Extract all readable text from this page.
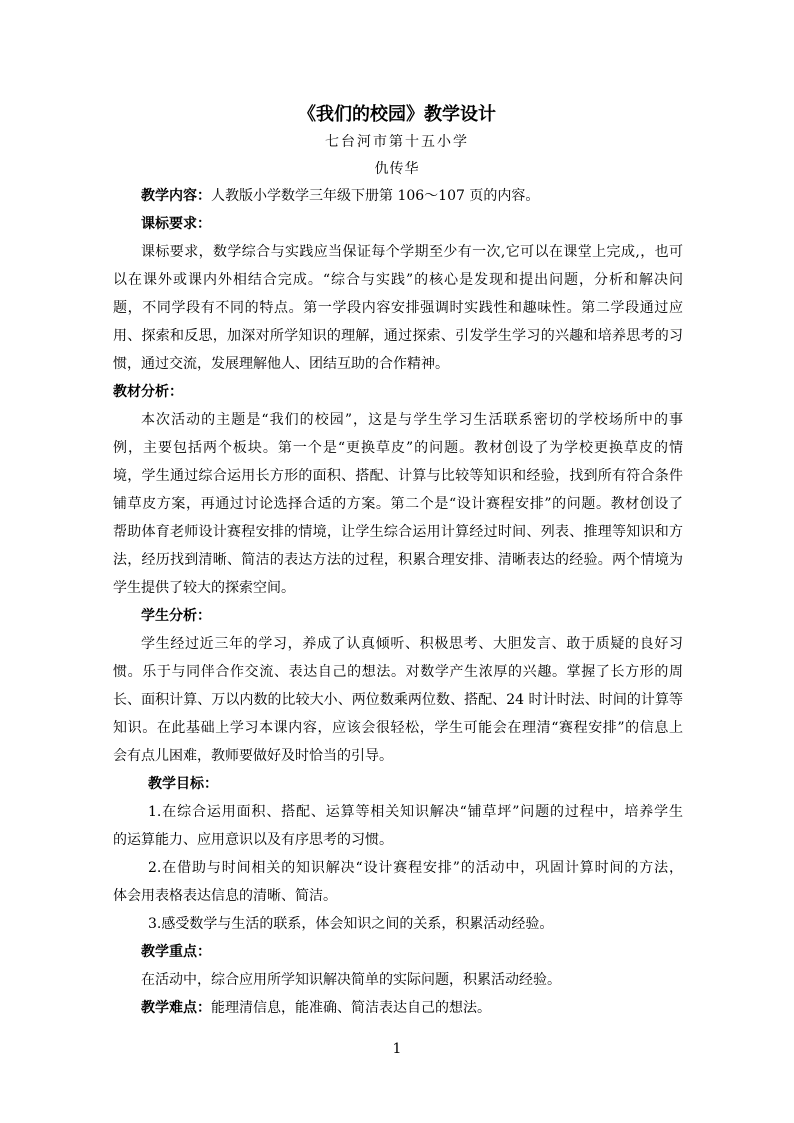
《我们的校园》教学设计
七台河市第十五小学
仇传华
教学内容：人教版小学数学三年级下册第 106～107 页的内容。
课标要求：
课标要求，数学综合与实践应当保证每个学期至少有一次,它可以在课堂上完成,，也可
以在课外或课内外相结合完成。“综合与实践”的核心是发现和提出问题，分析和解决问
题，不同学段有不同的特点。第一学段内容安排强调时实践性和趣味性。第二学段通过应
用、探索和反思，加深对所学知识的理解，通过探索、引发学生学习的兴趣和培养思考的习
惯，通过交流，发展理解他人、团结互助的合作精神。
教材分析：
本次活动的主题是“我们的校园”，这是与学生学习生活联系密切的学校场所中的事
例，主要包括两个板块。第一个是“更换草皮”的问题。教材创设了为学校更换草皮的情
境，学生通过综合运用长方形的面积、搭配、计算与比较等知识和经验，找到所有符合条件
铺草皮方案，再通过讨论选择合适的方案。第二个是“设计赛程安排”的问题。教材创设了
帮助体育老师设计赛程安排的情境，让学生综合运用计算经过时间、列表、推理等知识和方
法，经历找到清晰、简洁的表达方法的过程，积累合理安排、清晰表达的经验。两个情境为
学生提供了较大的探索空间。
学生分析：
学生经过近三年的学习，养成了认真倾听、积极思考、大胆发言、敢于质疑的良好习
惯。乐于与同伴合作交流、表达自己的想法。对数学产生浓厚的兴趣。掌握了长方形的周
长、面积计算、万以内数的比较大小、两位数乘两位数、搭配、24 时计时法、时间的计算等
知识。在此基础上学习本课内容，应该会很轻松，学生可能会在理清“赛程安排”的信息上
会有点儿困难，教师要做好及时恰当的引导。
教学目标：
1.在综合运用面积、搭配、运算等相关知识解决“铺草坪”问题的过程中，培养学生
的运算能力、应用意识以及有序思考的习惯。
2.在借助与时间相关的知识解决“设计赛程安排”的活动中，巩固计算时间的方法，
体会用表格表达信息的清晰、简洁。
3.感受数学与生活的联系，体会知识之间的关系，积累活动经验。
教学重点：
在活动中，综合应用所学知识解决简单的实际问题，积累活动经验。
教学难点：能理清信息，能准确、简洁表达自己的想法。
1
